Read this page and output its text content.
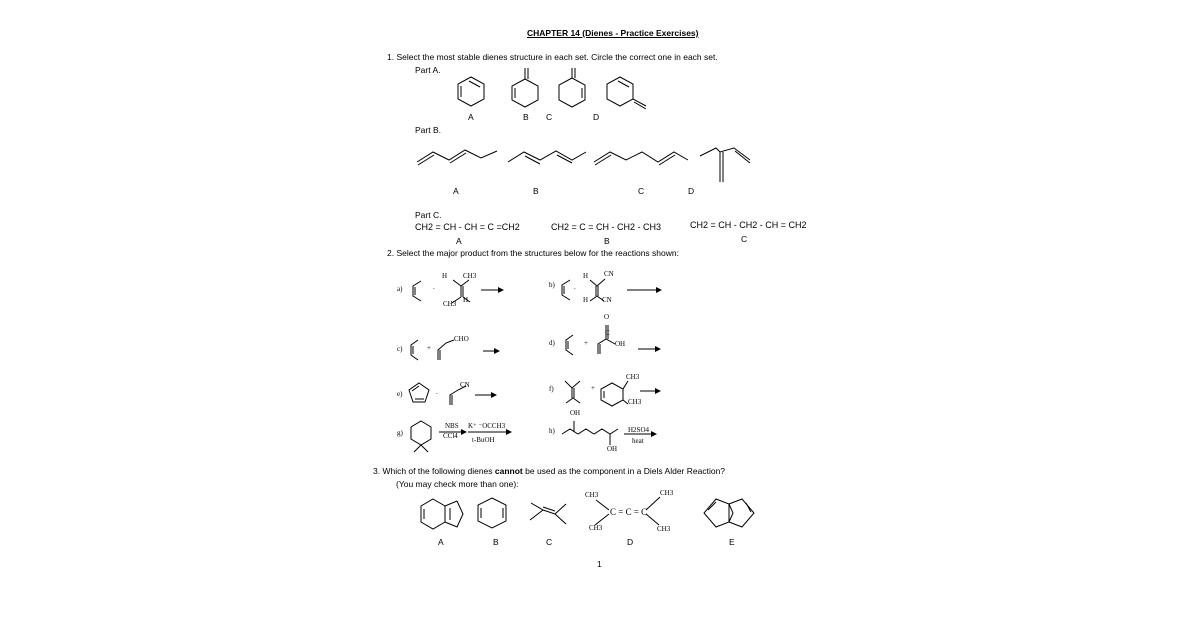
CHAPTER 14 (Dienes - Practice Exercises)
1. Select the most stable dienes structure in each set. Circle the correct one in each set.
Part A.
A	B C	D
Part B.
A	B	C	D
Part C.
CH2 = CH - CH = C =CH2	CH2 = C = CH - CH2 - CH3	CH2 = CH - CH2 - CH = CH2
A	B	C
2. Select the major product from the structures below for the reactions shown:
a)	b)
c)
d)
e)
f)
g)	h)
H CH3
CH3 H
.
H CN
H CN
.
+
CHO	+
O
C
OH
.
CN	+
CH3
CH3
NBS
CCl4
K⁺ ⁻OCCH3
t-BuOH
OH
OH
H2SO4
heat
3. Which of the following dienes cannot be used as the component in a Diels Alder Reaction?
(You may check more than one):
A	B	C	D	E
CH3	CH3
CH3	CH3
C = C = C
1
